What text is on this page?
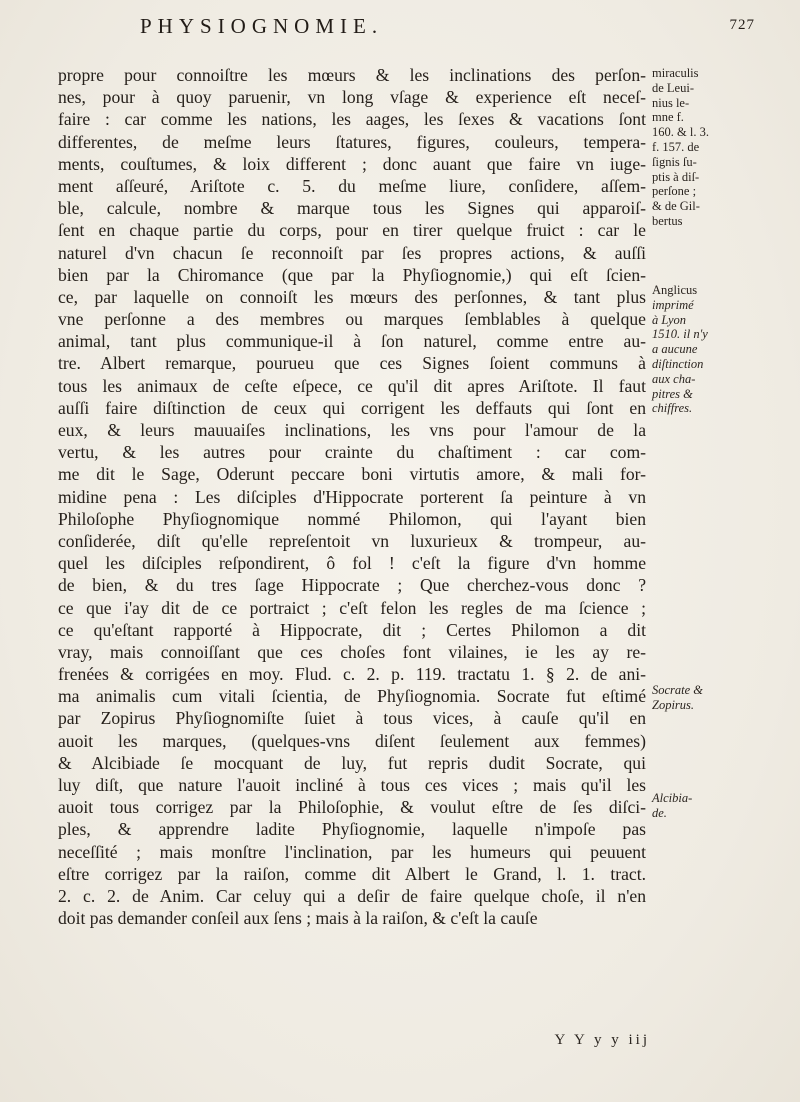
PHYSIOGNOMIE.	727
propre pour connoiſtre les mœurs & les inclinations des perſon-
nes, pour à quoy paruenir, vn long vſage & experience eſt neceſ-
faire : car comme les nations, les aages, les ſexes & vacations ſont
differentes, de meſme leurs ſtatures, figures, couleurs, tempera-
ments, couſtumes, & loix different ; donc auant que faire vn iuge-
ment aſſeuré, Ariſtote c. 5. du meſme liure, conſidere, aſſem-
ble, calcule, nombre & marque tous les Signes qui apparoiſ-
ſent en chaque partie du corps, pour en tirer quelque fruict : car le
naturel d'vn chacun ſe reconnoiſt par ſes propres actions, & auſſi
bien par la Chiromance (que par la Phyſiognomie,) qui eſt ſcien-
ce, par laquelle on connoiſt les mœurs des perſonnes, & tant plus
vne perſonne a des membres ou marques ſemblables à quelque
animal, tant plus communique-il à ſon naturel, comme entre au-
tre. Albert remarque, pourueu que ces Signes ſoient communs à
tous les animaux de ceſte eſpece, ce qu'il dit apres Ariſtote. Il faut
auſſi faire diſtinction de ceux qui corrigent les deffauts qui ſont en
eux, & leurs mauuaiſes inclinations, les vns pour l'amour de la
vertu, & les autres pour crainte du chaſtiment : car com-
me dit le Sage, Oderunt peccare boni virtutis amore, & mali for-
midine pena : Les diſciples d'Hippocrate porterent ſa peinture à vn
Philoſophe Phyſiognomique nommé Philomon, qui l'ayant bien
conſiderée, diſt qu'elle repreſentoit vn luxurieux & trompeur, au-
quel les diſciples reſpondirent, ô fol ! c'eſt la figure d'vn homme
de bien, & du tres ſage Hippocrate ; Que cherchez-vous donc ?
ce que i'ay dit de ce portraict ; c'eſt felon les regles de ma ſcience ;
ce qu'eſtant rapporté à Hippocrate, dit ; Certes Philomon a dit
vray, mais connoiſſant que ces choſes font vilaines, ie les ay re-
frenées & corrigées en moy. Flud. c. 2. p. 119. tractatu 1. § 2. de ani-
ma animalis cum vitali ſcientia, de Phyſiognomia. Socrate fut eſtimé
par Zopirus Phyſiognomiſte ſuiet à tous vices, à cauſe qu'il en
auoit les marques, (quelques-vns diſent ſeulement aux femmes)
& Alcibiade ſe mocquant de luy, fut repris dudit Socrate, qui
luy diſt, que nature l'auoit incliné à tous ces vices ; mais qu'il les
auoit tous corrigez par la Philoſophie, & voulut eſtre de ſes diſci-
ples, & apprendre ladite Phyſiognomie, laquelle n'impoſe pas
neceſſité ; mais monſtre l'inclination, par les humeurs qui peuuent
eſtre corrigez par la raiſon, comme dit Albert le Grand, l. 1. tract.
2. c. 2. de Anim. Car celuy qui a deſir de faire quelque choſe, il n'en
doit pas demander conſeil aux ſens ; mais à la raiſon, & c'eſt la cauſe

miraculis
de Leui-
nius le-
mne f.
160. & l. 3.
f. 157. de
ſignis ſu-
ptis à diſ-
perſone ;
& de Gil-
bertus

Anglicus
imprimé
à Lyon
1510. il n'y
a aucune
diſtinction
aux cha-
pitres &
chiffres.

Socrate &
Zopirus.

Alcibia-
de.

Y Y y y iij
